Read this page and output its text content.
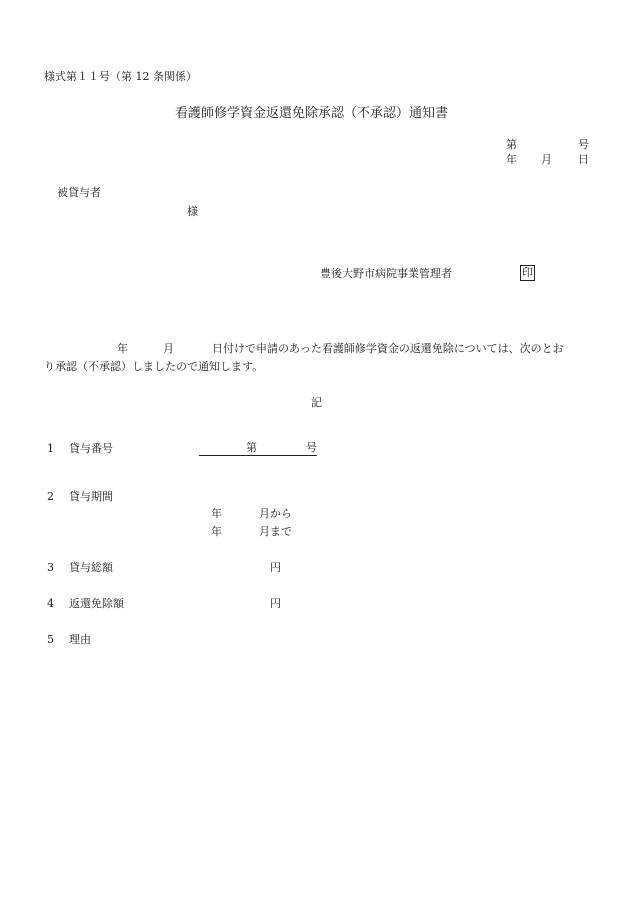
様式第１１号（第 12 条関係）
看護師修学資金返還免除承認（不承認）通知書
第	号
年 月 日
被貸与者
様
豊後大野市病院事業管理者	印
年	月	日付けで申請のあった看護師修学資金の返還免除については、次のとお
り承認（不承認）しましたので通知します。
記
1 貸与番号	第	号
2 貸与期間
年	月から
年	月まで
3 貸与総額	円
4 返還免除額	円
5 理由
